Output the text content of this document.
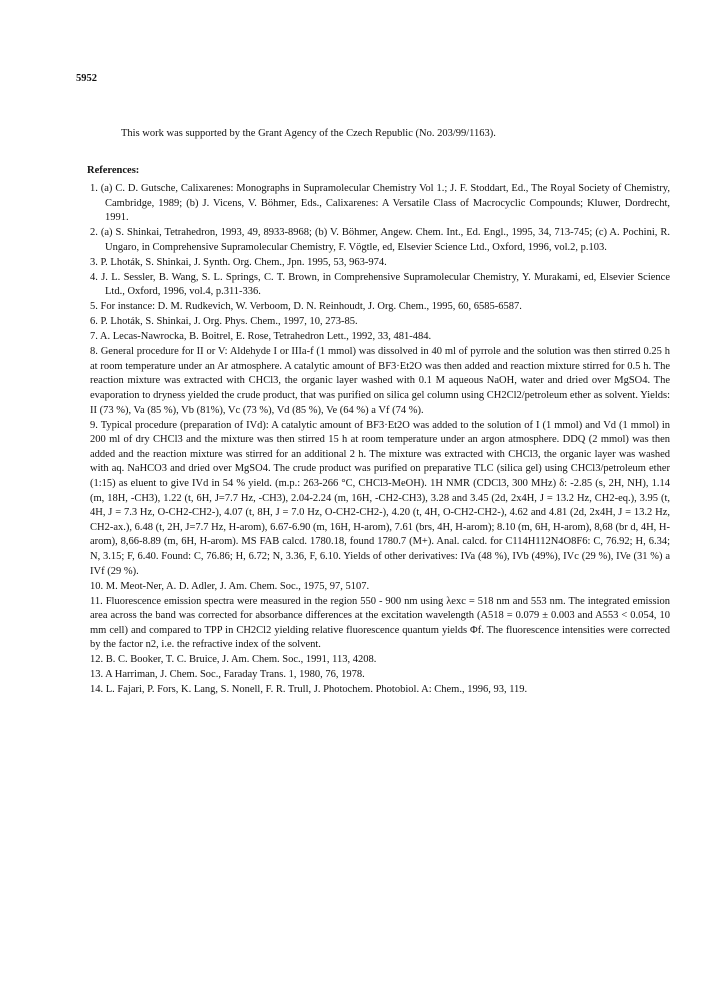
5952
This work was supported by the Grant Agency of the Czech Republic (No. 203/99/1163).
References:

1. (a) C. D. Gutsche, Calixarenes: Monographs in Supramolecular Chemistry Vol 1.; J. F. Stoddart, Ed., The Royal Society of Chemistry, Cambridge, 1989; (b) J. Vicens, V. Böhmer, Eds., Calixarenes: A Versatile Class of Macrocyclic Compounds; Kluwer, Dordrecht, 1991.

2. (a) S. Shinkai, Tetrahedron, 1993, 49, 8933-8968; (b) V. Böhmer, Angew. Chem. Int., Ed. Engl., 1995, 34, 713-745; (c) A. Pochini, R. Ungaro, in Comprehensive Supramolecular Chemistry, F. Vögtle, ed, Elsevier Science Ltd., Oxford, 1996, vol.2, p.103.

3. P. Lhoták, S. Shinkai, J. Synth. Org. Chem., Jpn. 1995, 53, 963-974.

4. J. L. Sessler, B. Wang, S. L. Springs, C. T. Brown, in Comprehensive Supramolecular Chemistry, Y. Murakami, ed, Elsevier Science Ltd., Oxford, 1996, vol.4, p.311-336.

5. For instance: D. M. Rudkevich, W. Verboom, D. N. Reinhoudt, J. Org. Chem., 1995, 60, 6585-6587.

6. P. Lhoták, S. Shinkai, J. Org. Phys. Chem., 1997, 10, 273-85.

7. A. Lecas-Nawrocka, B. Boitrel, E. Rose, Tetrahedron Lett., 1992, 33, 481-484.

8. General procedure for II or V: Aldehyde I or IIIa-f (1 mmol) was dissolved in 40 ml of pyrrole and the solution was then stirred 0.25 h at room temperature under an Ar atmosphere. A catalytic amount of BF3·Et2O was then added and reaction mixture stirred for 0.5 h. The reaction mixture was extracted with CHCl3, the organic layer washed with 0.1 M aqueous NaOH, water and dried over MgSO4. The evaporation to dryness yielded the crude product, that was purified on silica gel column using CH2Cl2/petroleum ether as solvent. Yields: II (73 %), Va (85 %), Vb (81%), Vc (73 %), Vd (85 %), Ve (64 %) a Vf (74 %).

9. Typical procedure (preparation of IVd): A catalytic amount of BF3·Et2O was added to the solution of I (1 mmol) and Vd (1 mmol) in 200 ml of dry CHCl3 and the mixture was then stirred 15 h at room temperature under an argon atmosphere. DDQ (2 mmol) was then added and the reaction mixture was stirred for an additional 2 h. The mixture was extracted with CHCl3, the organic layer was washed with aq. NaHCO3 and dried over MgSO4. The crude product was purified on preparative TLC (silica gel) using CHCl3/petroleum ether (1:15) as eluent to give IVd in 54 % yield. (m.p.: 263-266 °C, CHCl3-MeOH). 1H NMR (CDCl3, 300 MHz) δ: -2.85 (s, 2H, NH), 1.14 (m, 18H, -CH3), 1.22 (t, 6H, J=7.7 Hz, -CH3), 2.04-2.24 (m, 16H, -CH2-CH3), 3.28 and 3.45 (2d, 2x4H, J = 13.2 Hz, CH2-eq.), 3.95 (t, 4H, J = 7.3 Hz, O-CH2-CH2-), 4.07 (t, 8H, J = 7.0 Hz, O-CH2-CH2-), 4.20 (t, 4H, O-CH2-CH2-), 4.62 and 4.81 (2d, 2x4H, J = 13.2 Hz, CH2-ax.), 6.48 (t, 2H, J=7.7 Hz, H-arom), 6.67-6.90 (m, 16H, H-arom), 7.61 (brs, 4H, H-arom); 8.10 (m, 6H, H-arom), 8,68 (br d, 4H, H-arom), 8,66-8.89 (m, 6H, H-arom). MS FAB calcd. 1780.18, found 1780.7 (M+). Anal. calcd. for C114H112N4O8F6: C, 76.92; H, 6.34; N, 3.15; F, 6.40. Found: C, 76.86; H, 6.72; N, 3.36, F, 6.10. Yields of other derivatives: IVa (48 %), IVb (49%), IVc (29 %), IVe (31 %) a IVf (29 %).

10. M. Meot-Ner, A. D. Adler, J. Am. Chem. Soc., 1975, 97, 5107.

11. Fluorescence emission spectra were measured in the region 550 - 900 nm using λexc = 518 nm and 553 nm. The integrated emission area across the band was corrected for absorbance differences at the excitation wavelength (A518 = 0.079 ± 0.003 and A553 < 0.054, 10 mm cell) and compared to TPP in CH2Cl2 yielding relative fluorescence quantum yields Φf. The fluorescence intensities were corrected by the factor n2, i.e. the refractive index of the solvent.

12. B. C. Booker, T. C. Bruice, J. Am. Chem. Soc., 1991, 113, 4208.

13. A Harriman, J. Chem. Soc., Faraday Trans. 1, 1980, 76, 1978.

14. L. Fajari, P. Fors, K. Lang, S. Nonell, F. R. Trull, J. Photochem. Photobiol. A: Chem., 1996, 93, 119.
